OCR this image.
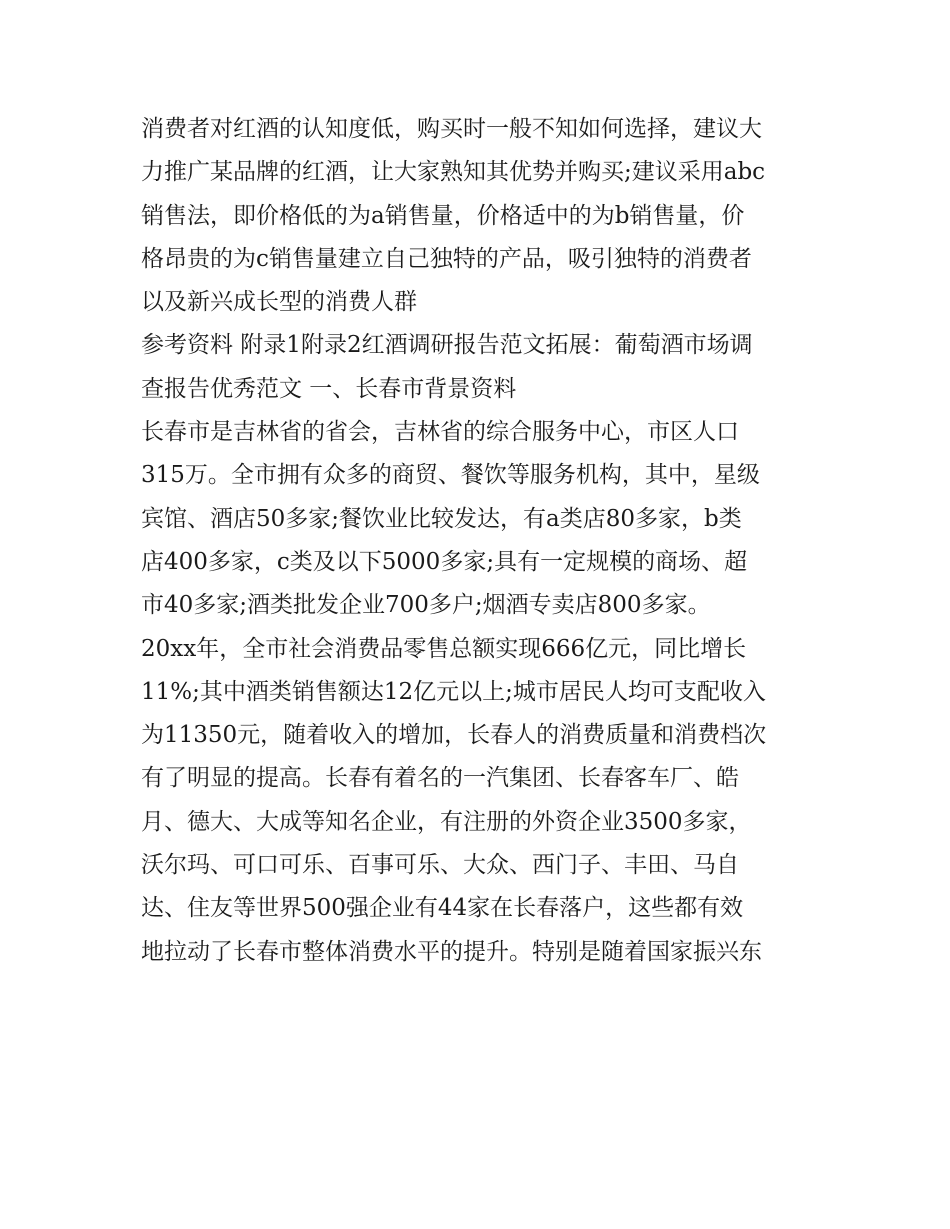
消费者对红酒的认知度低，购买时一般不知如何选择，建议大
力推广某品牌的红酒，让大家熟知其优势并购买;建议采用abc
销售法，即价格低的为a销售量，价格适中的为b销售量，价
格昂贵的为c销售量建立自己独特的产品，吸引独特的消费者
以及新兴成长型的消费人群
参考资料 附录1附录2红酒调研报告范文拓展：葡萄酒市场调
查报告优秀范文 一、长春市背景资料
长春市是吉林省的省会，吉林省的综合服务中心，市区人口
315万。全市拥有众多的商贸、餐饮等服务机构，其中，星级
宾馆、酒店50多家;餐饮业比较发达，有a类店80多家，b类
店400多家，c类及以下5000多家;具有一定规模的商场、超
市40多家;酒类批发企业700多户;烟酒专卖店800多家。
20xx年，全市社会消费品零售总额实现666亿元，同比增长
11%;其中酒类销售额达12亿元以上;城市居民人均可支配收入
为11350元，随着收入的增加，长春人的消费质量和消费档次
有了明显的提高。长春有着名的一汽集团、长春客车厂、皓
月、德大、大成等知名企业，有注册的外资企业3500多家，
沃尔玛、可口可乐、百事可乐、大众、西门子、丰田、马自
达、住友等世界500强企业有44家在长春落户，这些都有效
地拉动了长春市整体消费水平的提升。特别是随着国家振兴东
